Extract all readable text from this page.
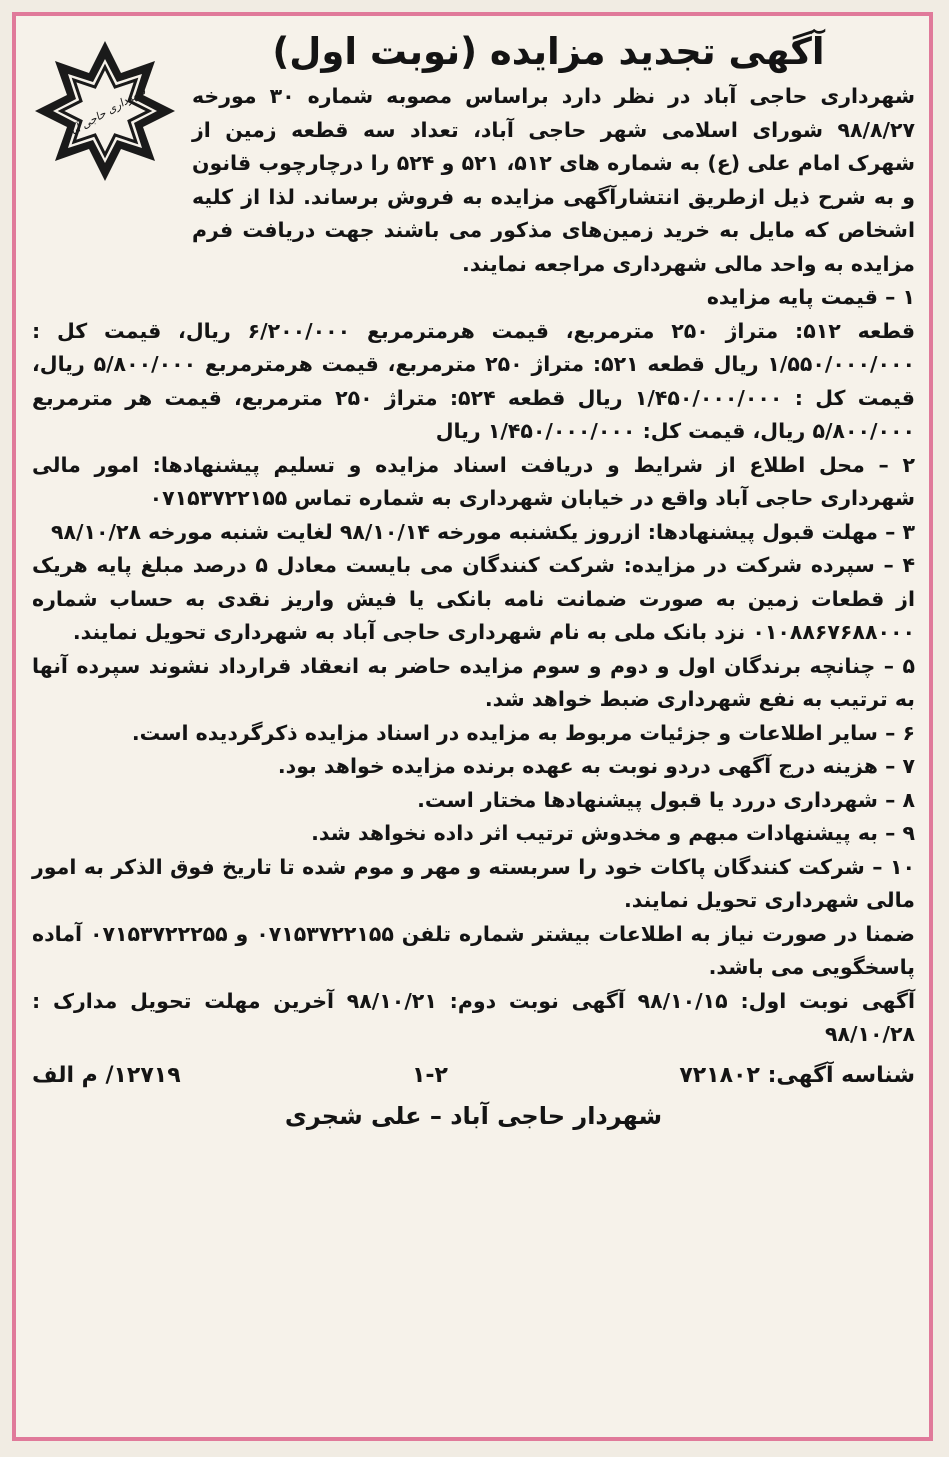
شهرداری حاجی آباد
آگهی تجدید مزایده (نوبت اول)

شهرداری حاجی آباد در نظر دارد براساس مصوبه شماره ۳۰ مورخه ۹۸/۸/۲۷ شورای اسلامی شهر حاجی آباد، تعداد سه قطعه زمین از شهرک امام علی (ع) به شماره های ۵۱۲، ۵۲۱ و ۵۲۴ را درچارچوب قانون و به شرح ذیل ازطریق انتشارآگهی مزایده به فروش برساند. لذا از کلیه اشخاص که مایل به خرید زمین‌های مذکور می باشند جهت دریافت فرم مزایده به واحد مالی شهرداری مراجعه نمایند.

۱ – قیمت پایه مزایده

قطعه ۵۱۲: متراژ ۲۵۰ مترمربع، قیمت هرمترمربع ۶/۲۰۰/۰۰۰ ریال، قیمت کل : ۱/۵۵۰/۰۰۰/۰۰۰ ریال قطعه ۵۲۱: متراژ ۲۵۰ مترمربع، قیمت هرمترمربع ۵/۸۰۰/۰۰۰ ریال، قیمت کل : ۱/۴۵۰/۰۰۰/۰۰۰ ریال قطعه ۵۲۴: متراژ ۲۵۰ مترمربع، قیمت هر مترمربع ۵/۸۰۰/۰۰۰ ریال، قیمت کل: ۱/۴۵۰/۰۰۰/۰۰۰ ریال

۲ – محل اطلاع از شرایط و دریافت اسناد مزایده و تسلیم پیشنهادها: امور مالی شهرداری حاجی آباد واقع در خیابان شهرداری به شماره تماس ۰۷۱۵۳۷۲۲۱۵۵

۳ – مهلت قبول پیشنهادها: ازروز یکشنبه مورخه ۹۸/۱۰/۱۴ لغایت شنبه مورخه ۹۸/۱۰/۲۸

۴ – سپرده شرکت در مزایده: شرکت کنندگان می بایست معادل ۵ درصد مبلغ پایه هریک از قطعات زمین به صورت ضمانت نامه بانکی یا فیش واریز نقدی به حساب شماره ۰۱۰۸۸۶۷۶۸۸۰۰۰ نزد بانک ملی به نام شهرداری حاجی آباد به شهرداری تحویل نمایند.

۵ – چنانچه برندگان اول و دوم و سوم مزایده حاضر به انعقاد قرارداد نشوند سپرده آنها به ترتیب به نفع شهرداری ضبط خواهد شد.

۶ – سایر اطلاعات و جزئیات مربوط به مزایده در اسناد مزایده ذکرگردیده است.

۷ – هزینه درج آگهی دردو نوبت به عهده برنده مزایده خواهد بود.

۸ – شهرداری دررد یا قبول پیشنهادها مختار است.

۹ – به پیشنهادات مبهم و مخدوش ترتیب اثر داده نخواهد شد.

۱۰ – شرکت کنندگان پاکات خود را سربسته و مهر و موم شده تا تاریخ فوق الذکر به امور مالی شهرداری تحویل نمایند.

ضمنا در صورت نیاز به اطلاعات بیشتر شماره تلفن ۰۷۱۵۳۷۲۲۱۵۵ و ۰۷۱۵۳۷۲۲۲۵۵ آماده پاسخگویی می باشد.

آگهی نوبت اول: ۹۸/۱۰/۱۵ آگهی نوبت دوم: ۹۸/۱۰/۲۱ آخرین مهلت تحویل مدارک : ۹۸/۱۰/۲۸

شناسه آگهی: ۷۲۱۸۰۲
۱-۲
۱۲۷۱۹/ م الف
شهردار حاجی آباد – علی شجری
